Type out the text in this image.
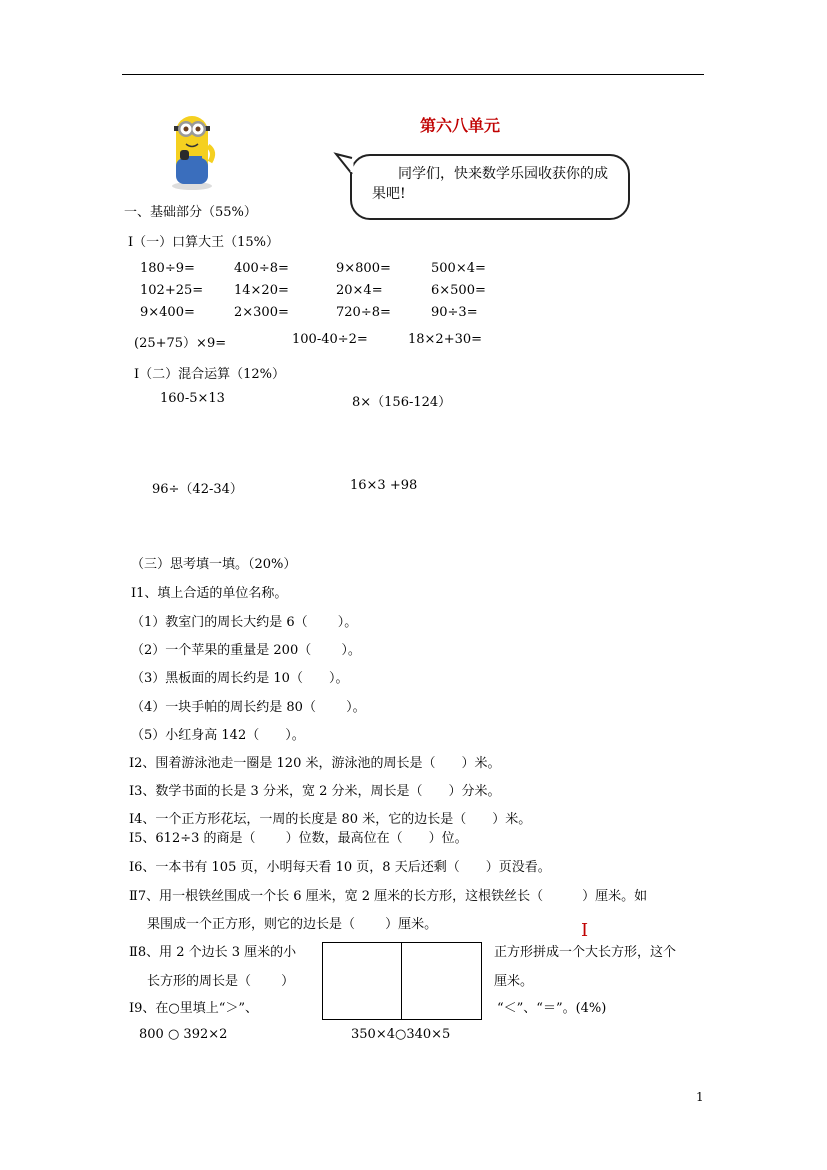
第六八单元
同学们，快来数学乐园收获你的成果吧!
一、基础部分（55%）
Ⅰ（一）口算大王（15%）
180÷9=	400÷8=	9×800=	500×4=
102+25= 14×20=	20×4=	6×500=
9×400=	2×300=	720÷8=	90÷3=
(25+75）×9=	100-40÷2=	18×2+30=
Ⅰ（二）混合运算（12%）
160-5×13	8×（156-124）
96÷（42-34）	16×3 +98
（三）思考填一填。（20%）
Ⅰ1、填上合适的单位名称。
（1）教室门的周长大约是 6（　　 ）。
（2）一个苹果的重量是 200（　　 ）。
（3）黑板面的周长约是 10（　　）。
（4）一块手帕的周长约是 80（　　 ）。
（5）小红身高 142（　　）。
Ⅰ2、围着游泳池走一圈是 120 米，游泳池的周长是（　　）米。
Ⅰ3、数学书面的长是 3 分米，宽 2 分米，周长是（　　）分米。
Ⅰ4、一个正方形花坛，一周的长度是 80 米，它的边长是（　　）米。
Ⅰ5、612÷3 的商是（　　 ）位数，最高位在（　　）位。
Ⅰ6、一本书有 105 页，小明每天看 10 页，8 天后还剩（　　）页没看。
Ⅱ7、用一根铁丝围成一个长 6 厘米，宽 2 厘米的长方形，这根铁丝长（　　　）厘米。如
果围成一个正方形，则它的边长是（　　 ）厘米。	I
Ⅱ8、用 2 个边长 3 厘米的小	正方形拼成一个大长方形，这个
长方形的周长是（　　 ）	厘米。
Ⅰ9、在○里填上“＞”、	“＜”、“＝”。(4%)
800 ○ 392×2	350×4○340×5
1
